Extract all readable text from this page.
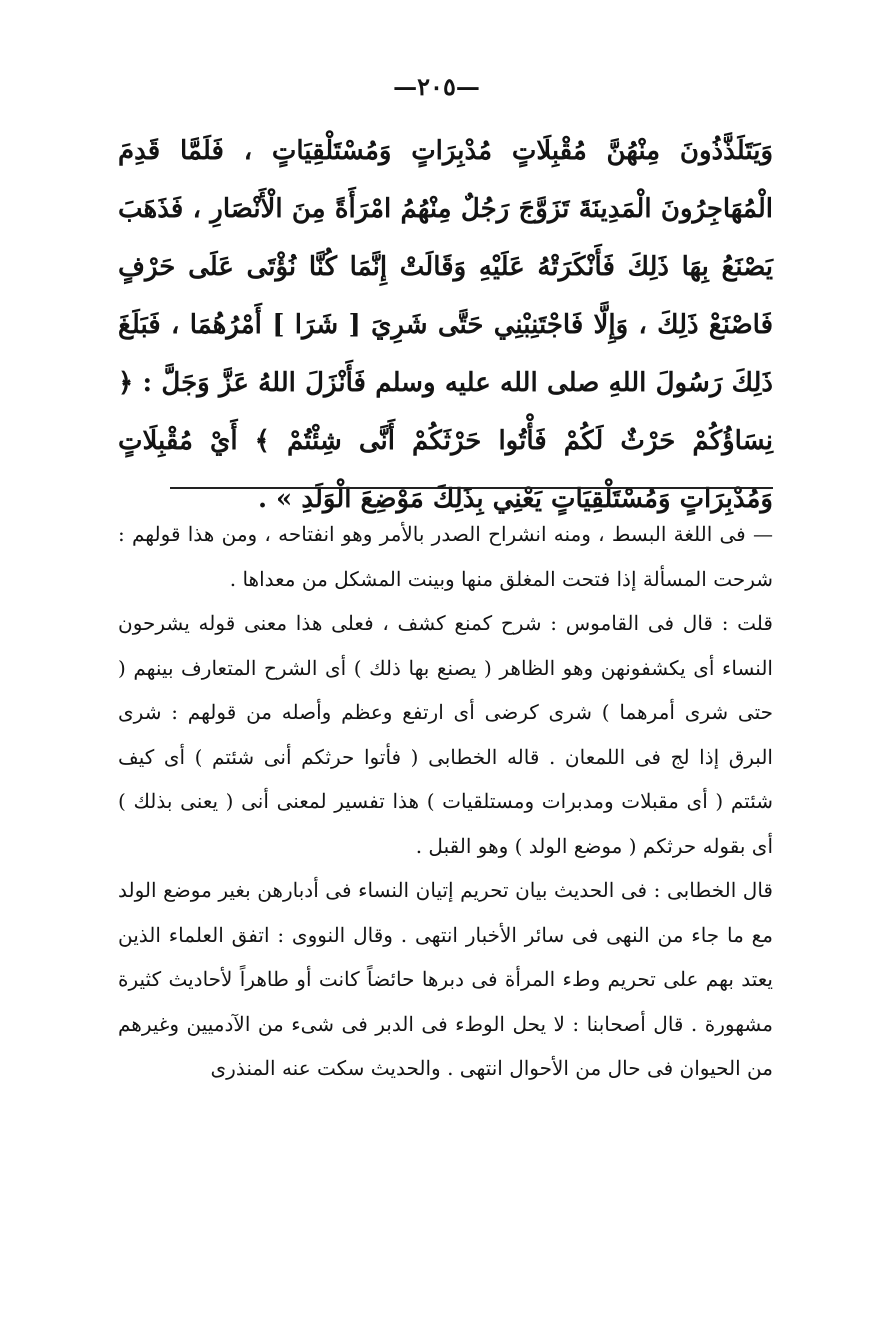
—٢٠٥—

وَيَتَلَذَّذُونَ مِنْهُنَّ مُقْبِلَاتٍ مُدْبِرَاتٍ وَمُسْتَلْقِيَاتٍ ، فَلَمَّا قَدِمَ الْمُهَاجِرُونَ الْمَدِينَةَ تَزَوَّجَ رَجُلٌ مِنْهُمُ امْرَأَةً مِنَ الْأَنْصَارِ ، فَذَهَبَ يَصْنَعُ بِهَا ذَلِكَ فَأَنْكَرَتْهُ عَلَيْهِ وَقَالَتْ إِنَّمَا كُنَّا نُؤْتَى عَلَى حَرْفٍ فَاصْنَعْ ذَلِكَ ، وَإِلَّا فَاجْتَنِبْنِي حَتَّى شَرِيَ [ شَرَا ] أَمْرُهُمَا ، فَبَلَغَ ذَلِكَ رَسُولَ اللهِ صلى الله عليه وسلم فَأَنْزَلَ اللهُ عَزَّ وَجَلَّ : ﴿ نِسَاؤُكُمْ حَرْثٌ لَكُمْ فَأْتُوا حَرْثَكُمْ أَنَّى شِئْتُمْ ﴾ أَيْ مُقْبِلَاتٍ وَمُدْبِرَاتٍ وَمُسْتَلْقِيَاتٍ يَعْنِي بِذَلِكَ مَوْضِعَ الْوَلَدِ » .

— فى اللغة البسط ، ومنه انشراح الصدر بالأمر وهو انفتاحه ، ومن هذا قولهم : شرحت المسألة إذا فتحت المغلق منها وبينت المشكل من معداها .

قلت : قال فى القاموس : شرح كمنع كشف ، فعلى هذا معنى قوله يشرحون النساء أى يكشفونهن وهو الظاهر ( يصنع بها ذلك ) أى الشرح المتعارف بينهم ( حتى شرى أمرهما ) شرى كرضى أى ارتفع وعظم وأصله من قولهم : شرى البرق إذا لج فى اللمعان . قاله الخطابى ( فأتوا حرثكم أنى شئتم ) أى كيف شئتم ( أى مقبلات ومدبرات ومستلقيات ) هذا تفسير لمعنى أنى ( يعنى بذلك ) أى بقوله حرثكم ( موضع الولد ) وهو القبل .

قال الخطابى : فى الحديث بيان تحريم إتيان النساء فى أدبارهن بغير موضع الولد مع ما جاء من النهى فى سائر الأخبار انتهى . وقال النووى : اتفق العلماء الذين يعتد بهم على تحريم وطء المرأة فى دبرها حائضاً كانت أو طاهراً لأحاديث كثيرة مشهورة . قال أصحابنا : لا يحل الوطء فى الدبر فى شىء من الآدميين وغيرهم من الحيوان فى حال من الأحوال انتهى . والحديث سكت عنه المنذرى
